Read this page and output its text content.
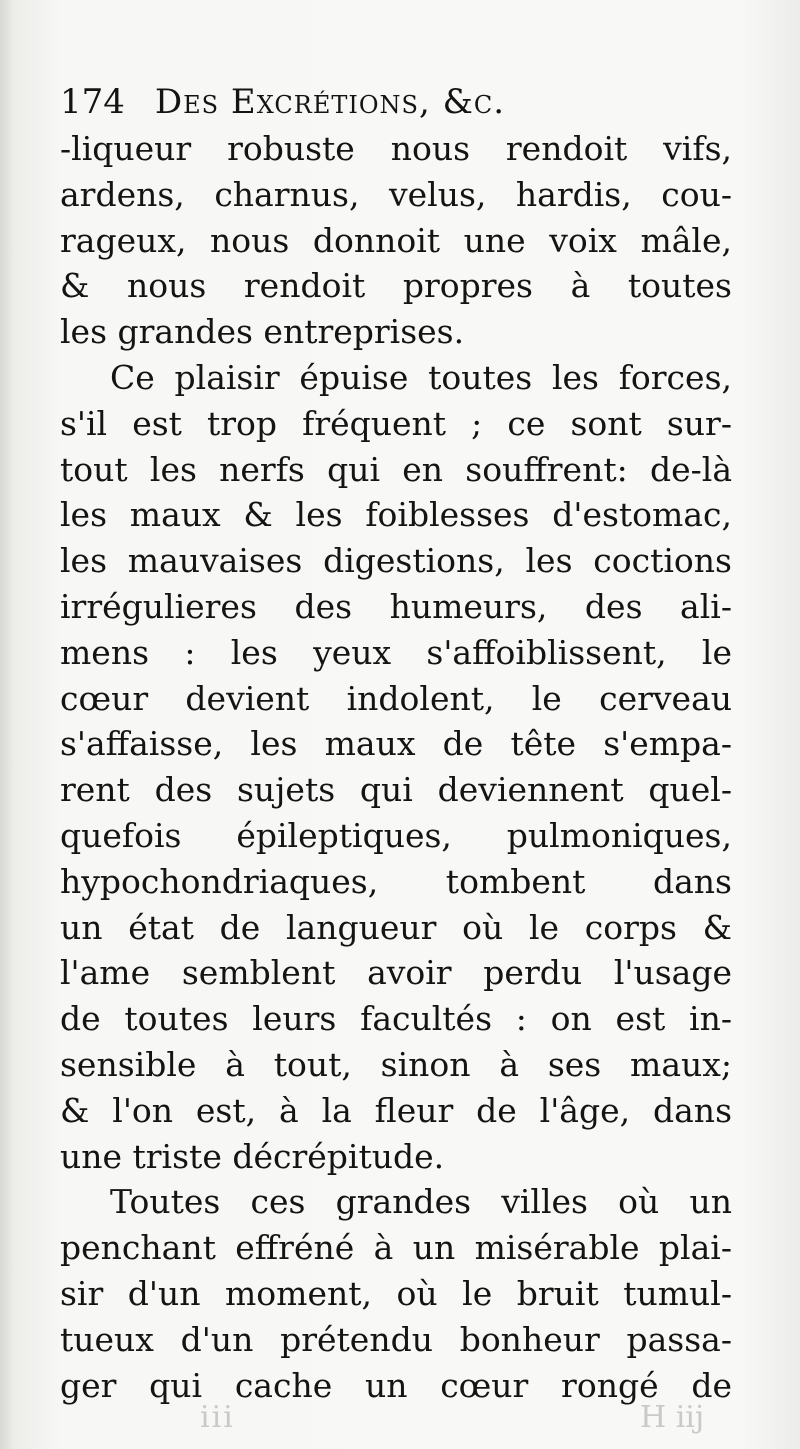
174 Des Excrétions, &c.
-liqueur robuste nous rendoit vifs,
ardens, charnus, velus, hardis, cou-
rageux, nous donnoit une voix mâle,
& nous rendoit propres à toutes
les grandes entreprises.
Ce plaisir épuise toutes les forces,
s'il est trop fréquent ; ce sont sur-
tout les nerfs qui en souffrent: de-là
les maux & les foiblesses d'estomac,
les mauvaises digestions, les coctions
irrégulieres des humeurs, des ali-
mens : les yeux s'affoiblissent, le
cœur devient indolent, le cerveau
s'affaisse, les maux de tête s'empa-
rent des sujets qui deviennent quel-
quefois épileptiques, pulmoniques,
hypochondriaques, tombent dans
un état de langueur où le corps &
l'ame semblent avoir perdu l'usage
de toutes leurs facultés : on est in-
sensible à tout, sinon à ses maux;
& l'on est, à la fleur de l'âge, dans
une triste décrépitude.
Toutes ces grandes villes où un
penchant effréné à un misérable plai-
sir d'un moment, où le bruit tumul-
tueux d'un prétendu bonheur passa-
ger qui cache un cœur rongé de
iii	H iij
